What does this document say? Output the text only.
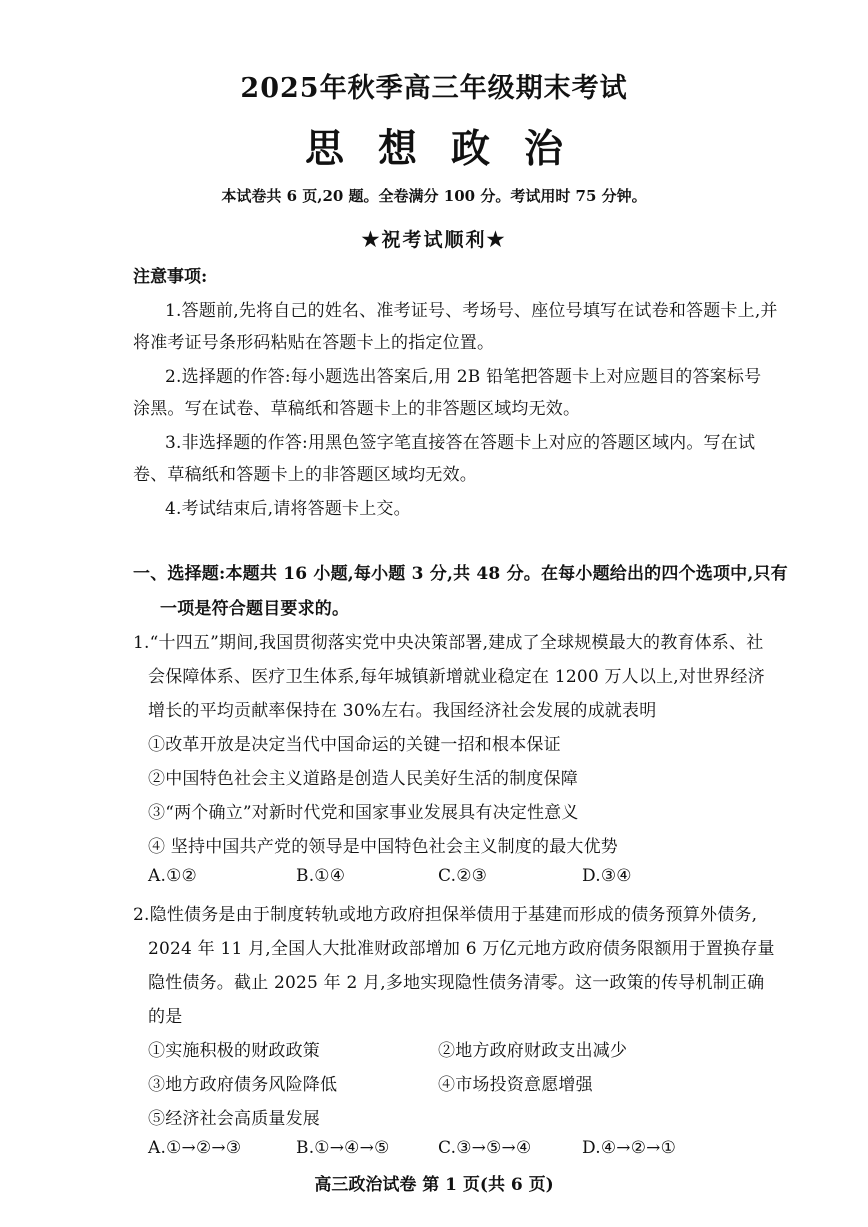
2025年秋季高三年级期末考试
思想政治
本试卷共 6 页,20 题。全卷满分 100 分。考试用时 75 分钟。
★祝考试顺利★
注意事项:
1.答题前,先将自己的姓名、准考证号、考场号、座位号填写在试卷和答题卡上,并
将准考证号条形码粘贴在答题卡上的指定位置。
2.选择题的作答:每小题选出答案后,用 2B 铅笔把答题卡上对应题目的答案标号
涂黑。写在试卷、草稿纸和答题卡上的非答题区域均无效。
3.非选择题的作答:用黑色签字笔直接答在答题卡上对应的答题区域内。写在试
卷、草稿纸和答题卡上的非答题区域均无效。
4.考试结束后,请将答题卡上交。
一、选择题:本题共 16 小题,每小题 3 分,共 48 分。在每小题给出的四个选项中,只有
一项是符合题目要求的。
1.“十四五”期间,我国贯彻落实党中央决策部署,建成了全球规模最大的教育体系、社
会保障体系、医疗卫生体系,每年城镇新增就业稳定在 1200 万人以上,对世界经济
增长的平均贡献率保持在 30%左右。我国经济社会发展的成就表明
①改革开放是决定当代中国命运的关键一招和根本保证
②中国特色社会主义道路是创造人民美好生活的制度保障
③“两个确立”对新时代党和国家事业发展具有决定性意义
④ 坚持中国共产党的领导是中国特色社会主义制度的最大优势
A.①②	B.①④	C.②③	D.③④
2.隐性债务是由于制度转轨或地方政府担保举债用于基建而形成的债务预算外债务,
2024 年 11 月,全国人大批准财政部增加 6 万亿元地方政府债务限额用于置换存量
隐性债务。截止 2025 年 2 月,多地实现隐性债务清零。这一政策的传导机制正确
的是
①实施积极的财政政策	②地方政府财政支出减少
③地方政府债务风险降低	④市场投资意愿增强
⑤经济社会高质量发展
A.①→②→③	B.①→④→⑤	C.③→⑤→④	D.④→②→①
高三政治试卷 第 1 页(共 6 页)
